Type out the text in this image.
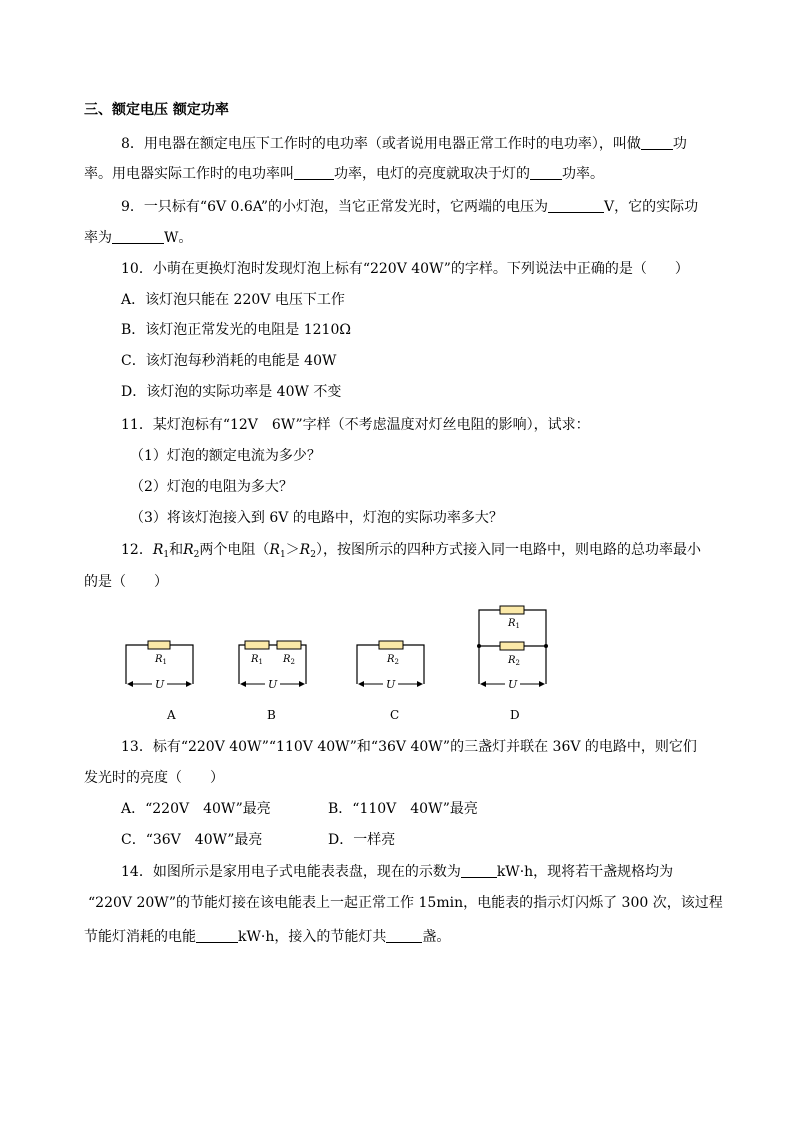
三、额定电压 额定功率
8．用电器在额定电压下工作时的电功率（或者说用电器正常工作时的电功率），叫做 功
率。用电器实际工作时的电功率叫	功率，电灯的亮度就取决于灯的 功率。
9．一只标有“6V 0.6A”的小灯泡，当它正常发光时，它两端的电压为	V，它的实际功
率为	W。
10．小萌在更换灯泡时发现灯泡上标有“220V 40W”的字样。下列说法中正确的是（　　）
A．该灯泡只能在 220V 电压下工作
B．该灯泡正常发光的电阻是 1210Ω
C．该灯泡每秒消耗的电能是 40W
D．该灯泡的实际功率是 40W 不变
11．某灯泡标有“12V　6W”字样（不考虑温度对灯丝电阻的影响），试求：
（1）灯泡的额定电流为多少？
（2）灯泡的电阻为多大？
（3）将该灯泡接入到 6V 的电路中，灯泡的实际功率多大？
12．$R_1$和$R_2$两个电阻$(R_1>R_2)$，按图所示的四种方式接入同一电路中，则电路的总功率最小
的是（　　）
$R_1$
U
A
$R_1$ $R_2$
U
B
$R_2$
U
C
$R_1$
$R_2$
U
D
13．标有“220V 40W”“110V 40W”和“36V 40W”的三盏灯并联在 36V 的电路中，则它们
发光时的亮度（　　）
A．“220V　40W”最亮	B．“110V　40W”最亮
C．“36V　40W”最亮	D．一样亮
14．如图所示是家用电子式电能表表盘，现在的示数为	kW·h，现将若干盏规格均为
“220V 20W”的节能灯接在该电能表上一起正常工作 15min，电能表的指示灯闪烁了 300 次，该过程
节能灯消耗的电能	kW·h，接入的节能灯共	盏。
